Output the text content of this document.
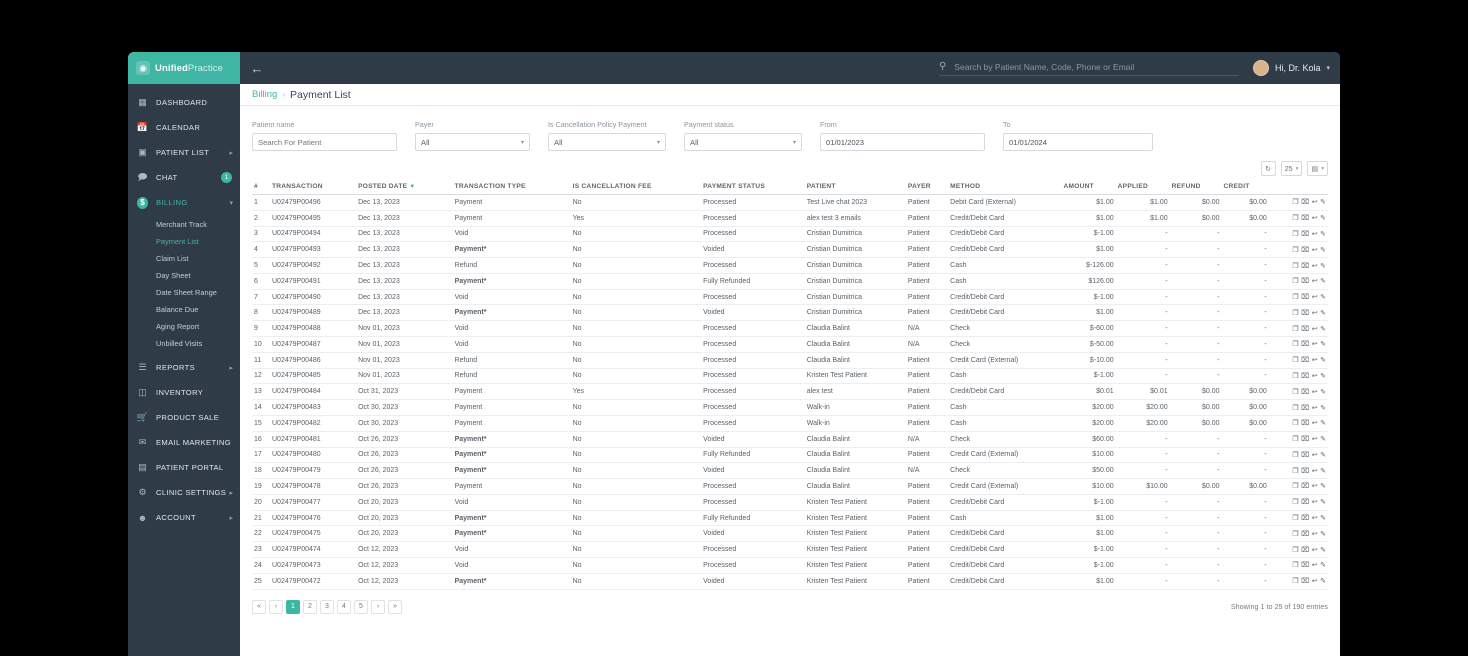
◉ UnifiedPractice ←	⚲
Search by Patient Name, Code, Phone or Email	Hi, Dr. Kola ▾
▦ DASHBOARD
📅 CALENDAR
▣ PATIENT LIST	▸
🗩 CHAT	1
$	BILLING	▾
Merchant Track
Payment List
Claim List
Day Sheet
Date Sheet Range
Balance Due
Aging Report
Unbilled Visits
☰ REPORTS	▸
◫ INVENTORY
🛒 PRODUCT SALE
✉ EMAIL MARKETING
▤ PATIENT PORTAL
⚙ CLINIC SETTINGS ▸
☻ ACCOUNT	▸
Billing › Payment List
Patient name
Search For Patient	Payer
All	▾
Is Cancellation Policy Payment
All	▾
Payment status
All	▾
From
01/01/2023
To
01/01/2024
↻ 25 ▾ ▤ ▾
#	TRANSACTION	POSTED DATE ▼	TRANSACTION TYPE	IS CANCELLATION FEE	PAYMENT STATUS	PATIENT	PAYER	METHOD	AMOUNT	APPLIED	REFUND	CREDIT	
1	U02479P00496	Dec 13, 2023	Payment	No	Processed	Test Live chat 2023	Patient	Debit Card (External)	$1.00	$1.00	$0.00	$0.00	❐ ⌧ ↩ ✎

2	U02479P00495	Dec 13, 2023	Payment	Yes	Processed	alex test 3 emails	Patient	Credit/Debit Card	$1.00	$1.00	$0.00	$0.00	❐ ⌧ ↩ ✎

3	U02479P00494	Dec 13, 2023	Void	No	Processed	Cristian Dumitrica	Patient	Credit/Debit Card	$-1.00	-	-	-	❐ ⌧ ↩ ✎

4	U02479P00493	Dec 13, 2023	Payment*	No	Voided	Cristian Dumitrica	Patient	Credit/Debit Card	$1.00	-	-	-	❐ ⌧ ↩ ✎

5	U02479P00492	Dec 13, 2023	Refund	No	Processed	Cristian Dumitrica	Patient	Cash	$-126.00	-	-	-	❐ ⌧ ↩ ✎

6	U02479P00491	Dec 13, 2023	Payment*	No	Fully Refunded	Cristian Dumitrica	Patient	Cash	$126.00	-	-	-	❐ ⌧ ↩ ✎

7	U02479P00490	Dec 13, 2023	Void	No	Processed	Cristian Dumitrica	Patient	Credit/Debit Card	$-1.00	-	-	-	❐ ⌧ ↩ ✎

8	U02479P00489	Dec 13, 2023	Payment*	No	Voided	Cristian Dumitrica	Patient	Credit/Debit Card	$1.00	-	-	-	❐ ⌧ ↩ ✎

9	U02479P00488	Nov 01, 2023	Void	No	Processed	Claudia Balint	N/A	Check	$-60.00	-	-	-	❐ ⌧ ↩ ✎

10	U02479P00487	Nov 01, 2023	Void	No	Processed	Claudia Balint	N/A	Check	$-50.00	-	-	-	❐ ⌧ ↩ ✎

11	U02479P00486	Nov 01, 2023	Refund	No	Processed	Claudia Balint	Patient	Credit Card (External)	$-10.00	-	-	-	❐ ⌧ ↩ ✎

12	U02479P00485	Nov 01, 2023	Refund	No	Processed	Kristen Test Patient	Patient	Cash	$-1.00	-	-	-	❐ ⌧ ↩ ✎

13	U02479P00484	Oct 31, 2023	Payment	Yes	Processed	alex test	Patient	Credit/Debit Card	$0.01	$0.01	$0.00	$0.00	❐ ⌧ ↩ ✎

14	U02479P00483	Oct 30, 2023	Payment	No	Processed	Walk-in	Patient	Cash	$20.00	$20.00	$0.00	$0.00	❐ ⌧ ↩ ✎

15	U02479P00482	Oct 30, 2023	Payment	No	Processed	Walk-in	Patient	Cash	$20.00	$20.00	$0.00	$0.00	❐ ⌧ ↩ ✎

16	U02479P00481	Oct 26, 2023	Payment*	No	Voided	Claudia Balint	N/A	Check	$60.00	-	-	-	❐ ⌧ ↩ ✎

17	U02479P00480	Oct 26, 2023	Payment*	No	Fully Refunded	Claudia Balint	Patient	Credit Card (External)	$10.00	-	-	-	❐ ⌧ ↩ ✎

18	U02479P00479	Oct 26, 2023	Payment*	No	Voided	Claudia Balint	N/A	Check	$50.00	-	-	-	❐ ⌧ ↩ ✎

19	U02479P00478	Oct 26, 2023	Payment	No	Processed	Claudia Balint	Patient	Credit Card (External)	$10.00	$10.00	$0.00	$0.00	❐ ⌧ ↩ ✎

20	U02479P00477	Oct 20, 2023	Void	No	Processed	Kristen Test Patient	Patient	Credit/Debit Card	$-1.00	-	-	-	❐ ⌧ ↩ ✎

21	U02479P00476	Oct 20, 2023	Payment*	No	Fully Refunded	Kristen Test Patient	Patient	Cash	$1.00	-	-	-	❐ ⌧ ↩ ✎

22	U02479P00475	Oct 20, 2023	Payment*	No	Voided	Kristen Test Patient	Patient	Credit/Debit Card	$1.00	-	-	-	❐ ⌧ ↩ ✎

23	U02479P00474	Oct 12, 2023	Void	No	Processed	Kristen Test Patient	Patient	Credit/Debit Card	$-1.00	-	-	-	❐ ⌧ ↩ ✎

24	U02479P00473	Oct 12, 2023	Void	No	Processed	Kristen Test Patient	Patient	Credit/Debit Card	$-1.00	-	-	-	❐ ⌧ ↩ ✎

25	U02479P00472	Oct 12, 2023	Payment*	No	Voided	Kristen Test Patient	Patient	Credit/Debit Card	$1.00	-	-	-	❐ ⌧ ↩ ✎
«	‹	1	2	3	4	5	›	»	Showing 1 to 25 of 190 entries
